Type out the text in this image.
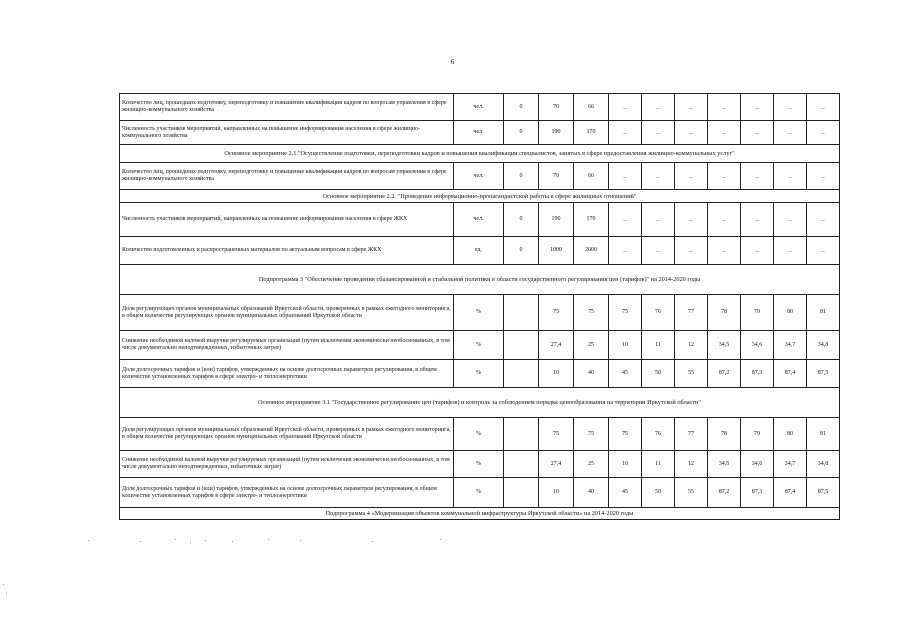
6
Количество лиц, прошедших подготовку, переподготовку и повышение квалификации кадров по вопросам управления в сфере жилищно-коммунального хозяйства	чел.	0	70	66	_	_	_	_	_	_	_
Численность участников мероприятий, направленных на повышение информирования населения в сфере жилищно-коммунального хозяйства	чел.	0	190	170	_	_	_	_	_	_	_
Основное мероприятие 2.1."Осуществление подготовки, переподготовки кадров и повышения квалификации специалистов, занятых в сфере предоставления жилищно-коммунальных услуг"											
Количество лиц, прошедших подготовку, переподготовку и повышение квалификации кадров по вопросам управления в сфере жилищно-коммунального хозяйства	чел.	0	70	66	_	_	_	_	_	_	_
Основное мероприятие 2.2. "Проведение информационно-пропагандистской работы в сфере жилищных отношений"											
Численность участников мероприятий, направленных на повышение информирования населения в сфере ЖКХ	чел.	0	190	170	_	_	_	_	_	_	_
Количество подготовленных и распространенных материалов по актуальным вопросам в сфере ЖКХ	ед.	0	1000	2000	_	_	_	_	_	_	_
Подпрограмма 3 "Обеспечение проведения сбалансированной и стабильной политики в области государственного регулирования цен (тарифов)" на 2014-2020 годы											
Доля регулирующих органов муниципальных образований Иркутской области, проверенных в рамках ежегодного мониторинга, в общем количестве регулирующих органов муниципальных образований Иркутской области	%		75	75	75	76	77	78	79	80	81
Снижение необходимой валовой выручки регулируемых организаций (путем исключения экономически необоснованных, в том числе документально неподтвержденных, избыточных затрат)	%		27,4	25	10	11	12	34,5	34,6	34,7	34,8
Доля долгосрочных тарифов и (или) тарифов, утвержденных на основе долгосрочных параметров регулирования, в общем количестве установленных тарифов в сфере электро- и теплоэнергетики	%		10	40	45	50	55	87,2	87,3	87,4	87,5
Основное мероприятие 3.1 "Государственное регулирование цен (тарифов) и контроль за соблюдением порядка ценообразования на территории Иркутской области"											
Доля регулирующих органов муниципальных образований Иркутской области, проверенных в рамках ежегодного мониторинга, в общем количестве регулирующих органов муниципальных образований Иркутской области	%		75	75	75	76	77	78	79	80	81
Снижение необходимой валовой выручки регулируемых организаций (путем исключения экономически необоснованных, в том числе документально неподтвержденных, избыточных затрат)	%		27,4	25	10	11	12	34,5	34,6	34,7	34,8
Доля долгосрочных тарифов и (или) тарифов, утвержденных на основе долгосрочных параметров регулирования, в общем количестве установленных тарифов в сфере электро- и теплоэнергетики	%		10	40	45	50	55	87,2	87,3	87,4	87,5
Подпрограмма 4 «Модернизация объектов коммунальной инфраструктуры Иркутской области» на 2014-2020 годы											
